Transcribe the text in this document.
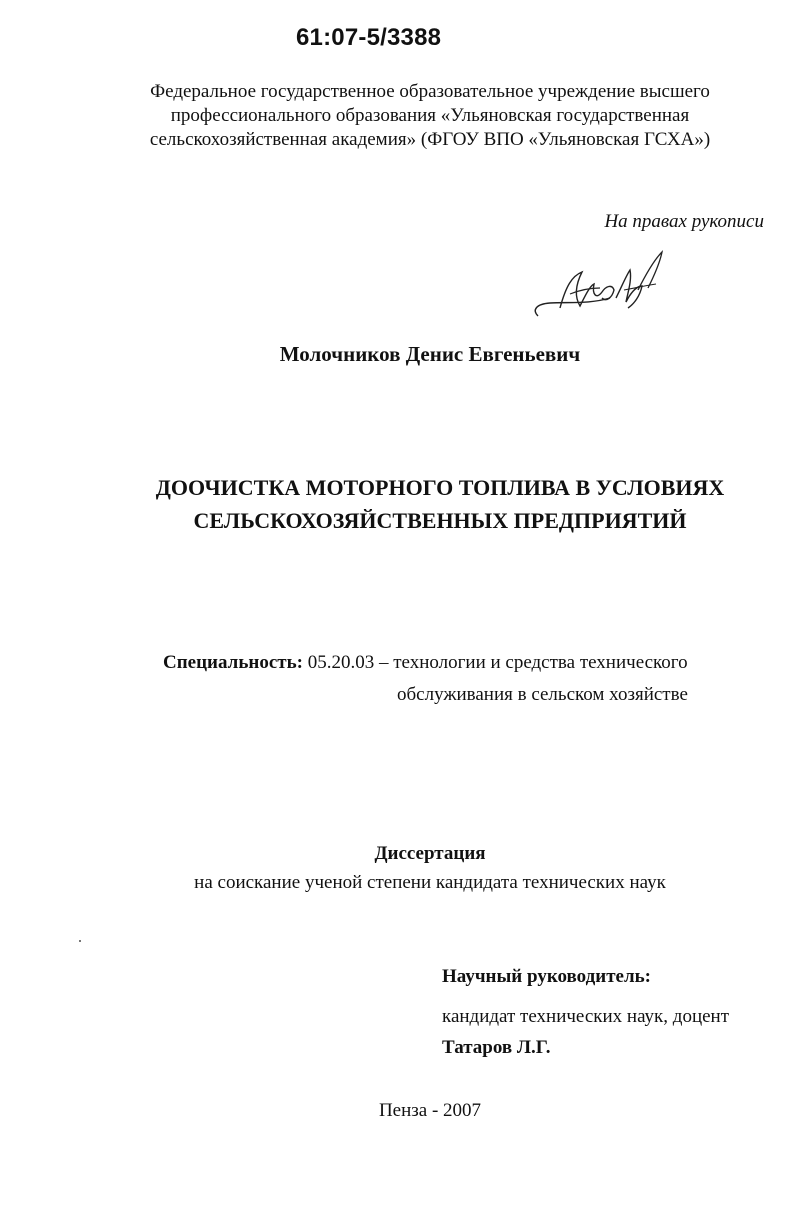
61:07-5/3388
Федеральное государственное образовательное учреждение высшего
профессионального образования «Ульяновская государственная
сельскохозяйственная академия» (ФГОУ ВПО «Ульяновская ГСХА»)
На правах рукописи
Молочников Денис Евгеньевич
ДООЧИСТКА МОТОРНОГО ТОПЛИВА В УСЛОВИЯХ
СЕЛЬСКОХОЗЯЙСТВЕННЫХ ПРЕДПРИЯТИЙ
Специальность: 05.20.03 – технологии и средства технического
обслуживания в сельском хозяйстве
Диссертация
на соискание ученой степени кандидата технических наук
Научный руководитель:
кандидат технических наук, доцент
Татаров Л.Г.
Пенза - 2007
